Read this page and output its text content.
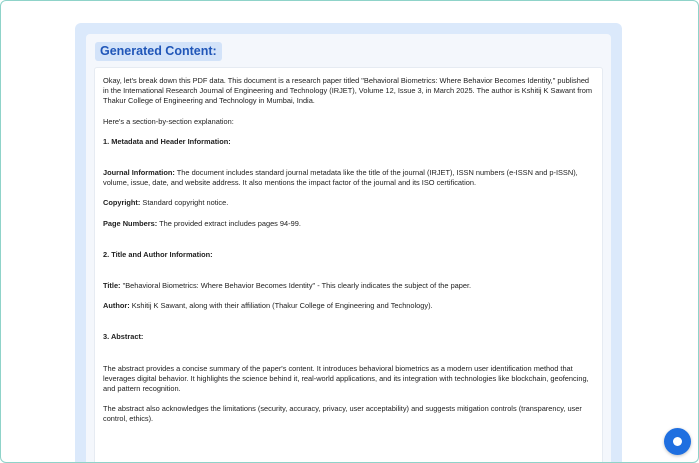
Generated Content:

Okay, let's break down this PDF data. This document is a research paper titled "Behavioral Biometrics: Where Behavior Becomes Identity," published in the International Research Journal of Engineering and Technology (IRJET), Volume 12, Issue 3, in March 2025. The author is Kshitij K Sawant from Thakur College of Engineering and Technology in Mumbai, India.

Here's a section-by-section explanation:

1. Metadata and Header Information:

Journal Information: The document includes standard journal metadata like the title of the journal (IRJET), ISSN numbers (e-ISSN and p-ISSN), volume, issue, date, and website address. It also mentions the impact factor of the journal and its ISO certification.

Copyright: Standard copyright notice.

Page Numbers: The provided extract includes pages 94-99.

2. Title and Author Information:

Title: "Behavioral Biometrics: Where Behavior Becomes Identity" - This clearly indicates the subject of the paper.

Author: Kshitij K Sawant, along with their affiliation (Thakur College of Engineering and Technology).

3. Abstract:

The abstract provides a concise summary of the paper's content. It introduces behavioral biometrics as a modern user identification method that leverages digital behavior. It highlights the science behind it, real-world applications, and its integration with technologies like blockchain, geofencing, and pattern recognition.

The abstract also acknowledges the limitations (security, accuracy, privacy, user acceptability) and suggests mitigation controls (transparency, user control, ethics).
